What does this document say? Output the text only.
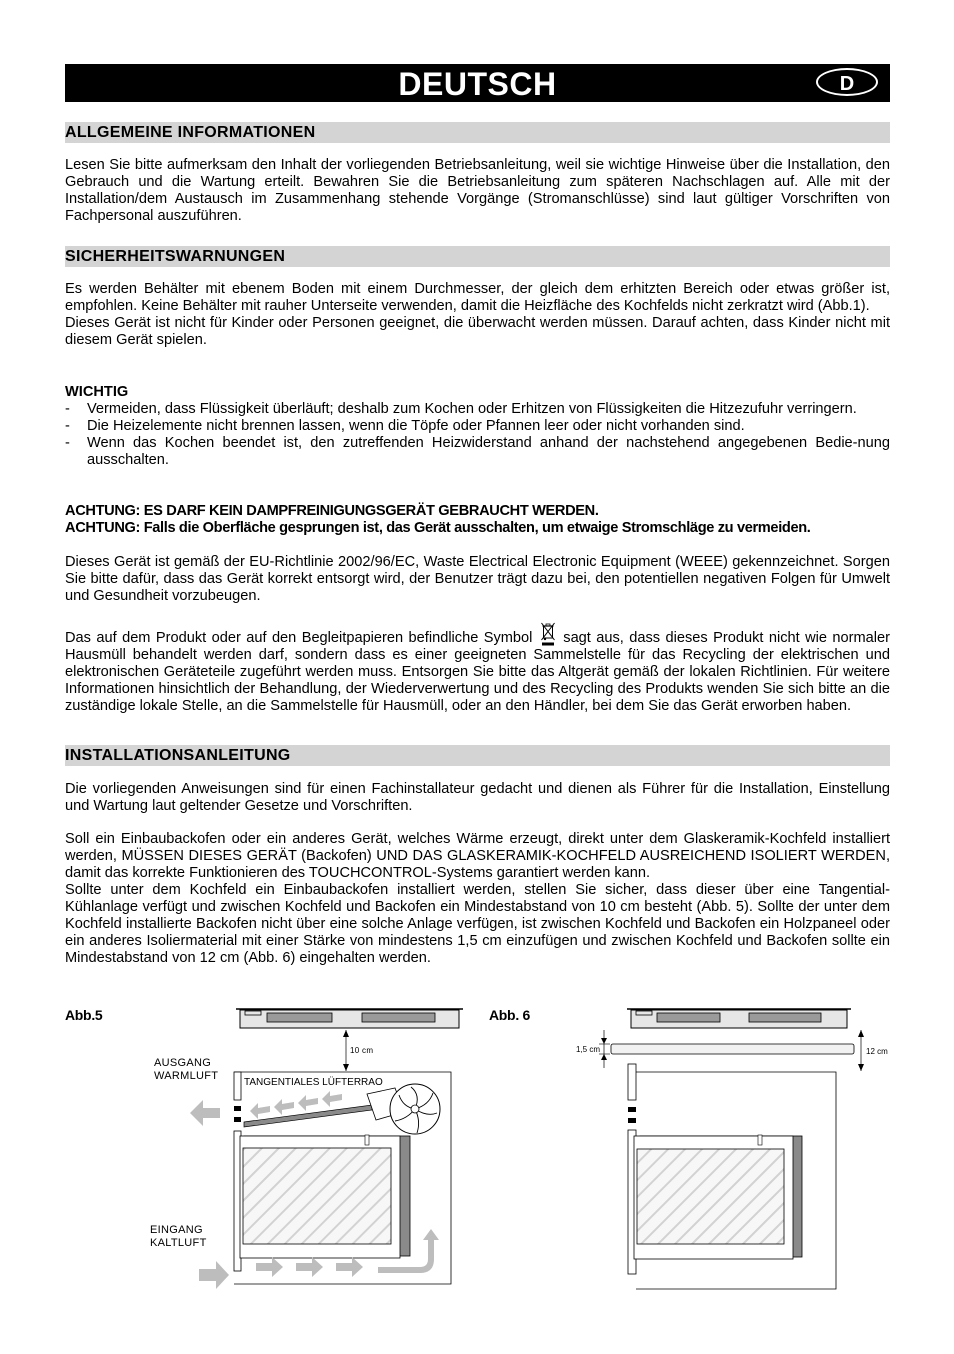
DEUTSCH	D
ALLGEMEINE INFORMATIONEN

Lesen Sie bitte aufmerksam den Inhalt der vorliegenden Betriebsanleitung, weil sie wichtige Hinweise über die Installation, den Gebrauch und die Wartung erteilt. Bewahren Sie die Betriebsanleitung zum späteren Nachschlagen auf. Alle mit der Installation/dem Austausch im Zusammenhang stehende Vorgänge (Stromanschlüsse) sind laut gültiger Vorschriften von Fachpersonal auszuführen.

SICHERHEITSWARNUNGEN

Es werden Behälter mit ebenem Boden mit einem Durchmesser, der gleich dem erhitzten Bereich oder etwas größer ist, empfohlen. Keine Behälter mit rauher Unterseite verwenden, damit die Heizfläche des Kochfelds nicht zerkratzt wird (Abb.1).

Dieses Gerät ist nicht für Kinder oder Personen geeignet, die überwacht werden müssen. Darauf achten, dass Kinder nicht mit diesem Gerät spielen.

WICHTIG

- Vermeiden, dass Flüssigkeit überläuft; deshalb zum Kochen oder Erhitzen von Flüssigkeiten die Hitzezufuhr verringern.
- Die Heizelemente nicht brennen lassen, wenn die Töpfe oder Pfannen leer oder nicht vorhanden sind.
- Wenn das Kochen beendet ist, den zutreffenden Heizwiderstand anhand der nachstehend angegebenen Bedie-nung ausschalten.

ACHTUNG: ES DARF KEIN DAMPFREINIGUNGSGERÄT GEBRAUCHT WERDEN.

ACHTUNG: Falls die Oberfläche gesprungen ist, das Gerät ausschalten, um etwaige Stromschläge zu vermeiden.

Dieses Gerät ist gemäß der EU-Richtlinie 2002/96/EC, Waste Electrical Electronic Equipment (WEEE) gekennzeichnet. Sorgen Sie bitte dafür, dass das Gerät korrekt entsorgt wird, der Benutzer trägt dazu bei, den potentiellen negativen Folgen für Umwelt und Gesundheit vorzubeugen.

Das auf dem Produkt oder auf den Begleitpapieren befindliche Symbol sagt aus, dass dieses Produkt nicht wie normaler Hausmüll behandelt werden darf, sondern dass es einer geeigneten Sammelstelle für das Recycling der elektrischen und elektronischen Geräteteile zugeführt werden muss. Entsorgen Sie bitte das Altgerät gemäß der lokalen Richtlinien. Für weitere Informationen hinsichtlich der Behandlung, der Wiederverwertung und des Recycling des Produkts wenden Sie sich bitte an die zuständige lokale Stelle, an die Sammelstelle für Hausmüll, oder an den Händler, bei dem Sie das Gerät erworben haben.

INSTALLATIONSANLEITUNG

Die vorliegenden Anweisungen sind für einen Fachinstallateur gedacht und dienen als Führer für die Installation, Einstellung und Wartung laut geltender Gesetze und Vorschriften.

Soll ein Einbaubackofen oder ein anderes Gerät, welches Wärme erzeugt, direkt unter dem Glaskeramik-Kochfeld installiert werden, MÜSSEN DIESES GERÄT (Backofen) UND DAS GLASKERAMIK-KOCHFELD AUSREICHEND ISOLIERT WERDEN, damit das korrekte Funktionieren des TOUCHCONTROL-Systems garantiert werden kann.

Sollte unter dem Kochfeld ein Einbaubackofen installiert werden, stellen Sie sicher, dass dieser über eine Tangential-Kühlanlage verfügt und zwischen Kochfeld und Backofen ein Mindestabstand von 10 cm besteht (Abb. 5). Sollte der unter dem Kochfeld installierte Backofen nicht über eine solche Anlage verfügen, ist zwischen Kochfeld und Backofen ein Holzpaneel oder ein anderes Isoliermaterial mit einer Stärke von mindestens 1,5 cm einzufügen und zwischen Kochfeld und Backofen sollte ein Mindestabstand von 12 cm (Abb. 6) eingehalten werden.

Abb.5	Abb. 6
AUSGANG
WARMLUFT
EINGANG
KALTLUFT
10 cm
TANGENTIALES LÜFTERRAO
1,5 cm	12 cm
